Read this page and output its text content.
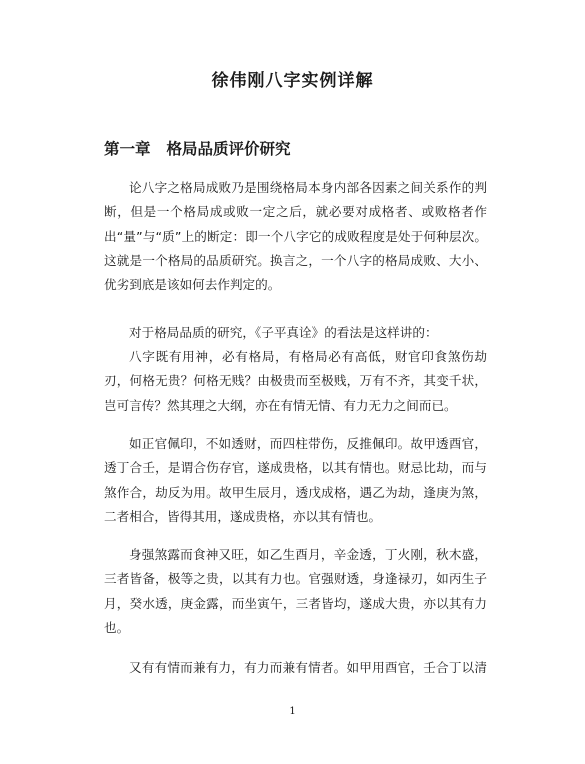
徐伟刚八字实例详解
第一章 格局品质评价研究

论八字之格局成败乃是围绕格局本身内部各因素之间关系作的判断，但是一个格局成或败一定之后，就必要对成格者、或败格者作出“量”与“质”上的断定：即一个八字它的成败程度是处于何种层次。这就是一个格局的品质研究。换言之，一个八字的格局成败、大小、优劣到底是该如何去作判定的。

对于格局品质的研究，《子平真诠》的看法是这样讲的：

八字既有用神，必有格局，有格局必有高低，财官印食煞伤劫刃，何格无贵？何格无贱？由极贵而至极贱，万有不齐，其变千状，岂可言传？然其理之大纲，亦在有情无情、有力无力之间而已。

如正官佩印，不如透财，而四柱带伤，反推佩印。故甲透酉官，透丁合壬，是谓合伤存官，遂成贵格，以其有情也。财忌比劫，而与煞作合，劫反为用。故甲生辰月，透戊成格，遇乙为劫，逢庚为煞，二者相合，皆得其用，遂成贵格，亦以其有情也。

身强煞露而食神又旺，如乙生酉月，辛金透，丁火刚，秋木盛，三者皆备，极等之贵，以其有力也。官强财透，身逢禄刃，如丙生子月，癸水透，庚金露，而坐寅午，三者皆均，遂成大贵，亦以其有力也。

又有有情而兼有力，有力而兼有情者。如甲用酉官，壬合丁以清

1
